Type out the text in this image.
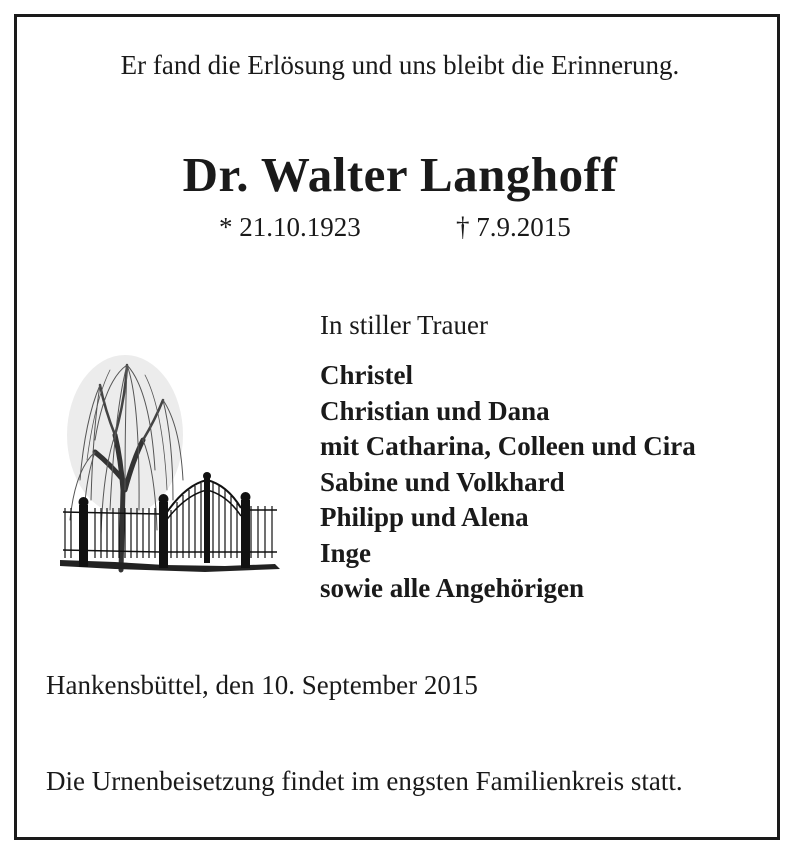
Er fand die Erlösung und uns bleibt die Erinnerung.
Dr. Walter Langhoff
* 21.10.1923	† 7.9.2015
In stiller Trauer
Christel
Christian und Dana
mit Catharina, Colleen und Cira
Sabine und Volkhard
Philipp und Alena
Inge
sowie alle Angehörigen
Hankensbüttel, den 10. September 2015
Die Urnenbeisetzung findet im engsten Familienkreis statt.
